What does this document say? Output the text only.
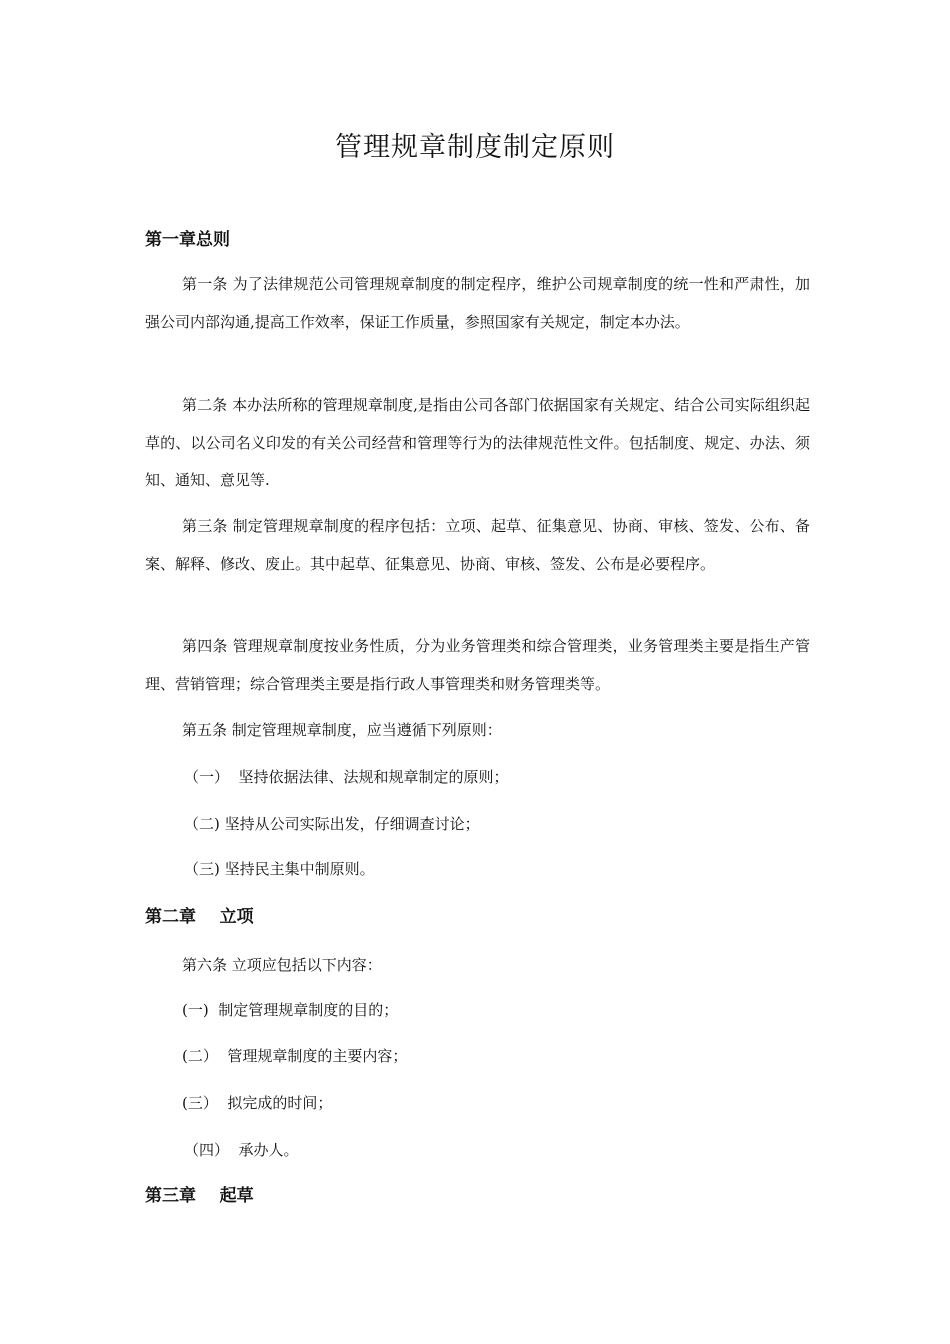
管理规章制度制定原则
第一章总则

第一条 为了法律规范公司管理规章制度的制定程序，维护公司规章制度的统一性和严肃性，加强公司内部沟通,提高工作效率，保证工作质量，参照国家有关规定，制定本办法。

第二条 本办法所称的管理规章制度,是指由公司各部门依据国家有关规定、结合公司实际组织起草的、以公司名义印发的有关公司经营和管理等行为的法律规范性文件。包括制度、规定、办法、须知、通知、意见等.

第三条 制定管理规章制度的程序包括：立项、起草、征集意见、协商、审核、签发、公布、备案、解释、修改、废止。其中起草、征集意见、协商、审核、签发、公布是必要程序。

第四条 管理规章制度按业务性质，分为业务管理类和综合管理类，业务管理类主要是指生产管理、营销管理；综合管理类主要是指行政人事管理类和财务管理类等。

第五条 制定管理规章制度，应当遵循下列原则：

（一）  坚持依据法律、法规和规章制定的原则；

（二) 坚持从公司实际出发，仔细调查讨论；

（三) 坚持民主集中制原则。

第二章    立项

第六条 立项应包括以下内容：

(一)  制定管理规章制度的目的；

(二）  管理规章制度的主要内容；

(三）  拟完成的时间；

（四）  承办人。

第三章    起草
